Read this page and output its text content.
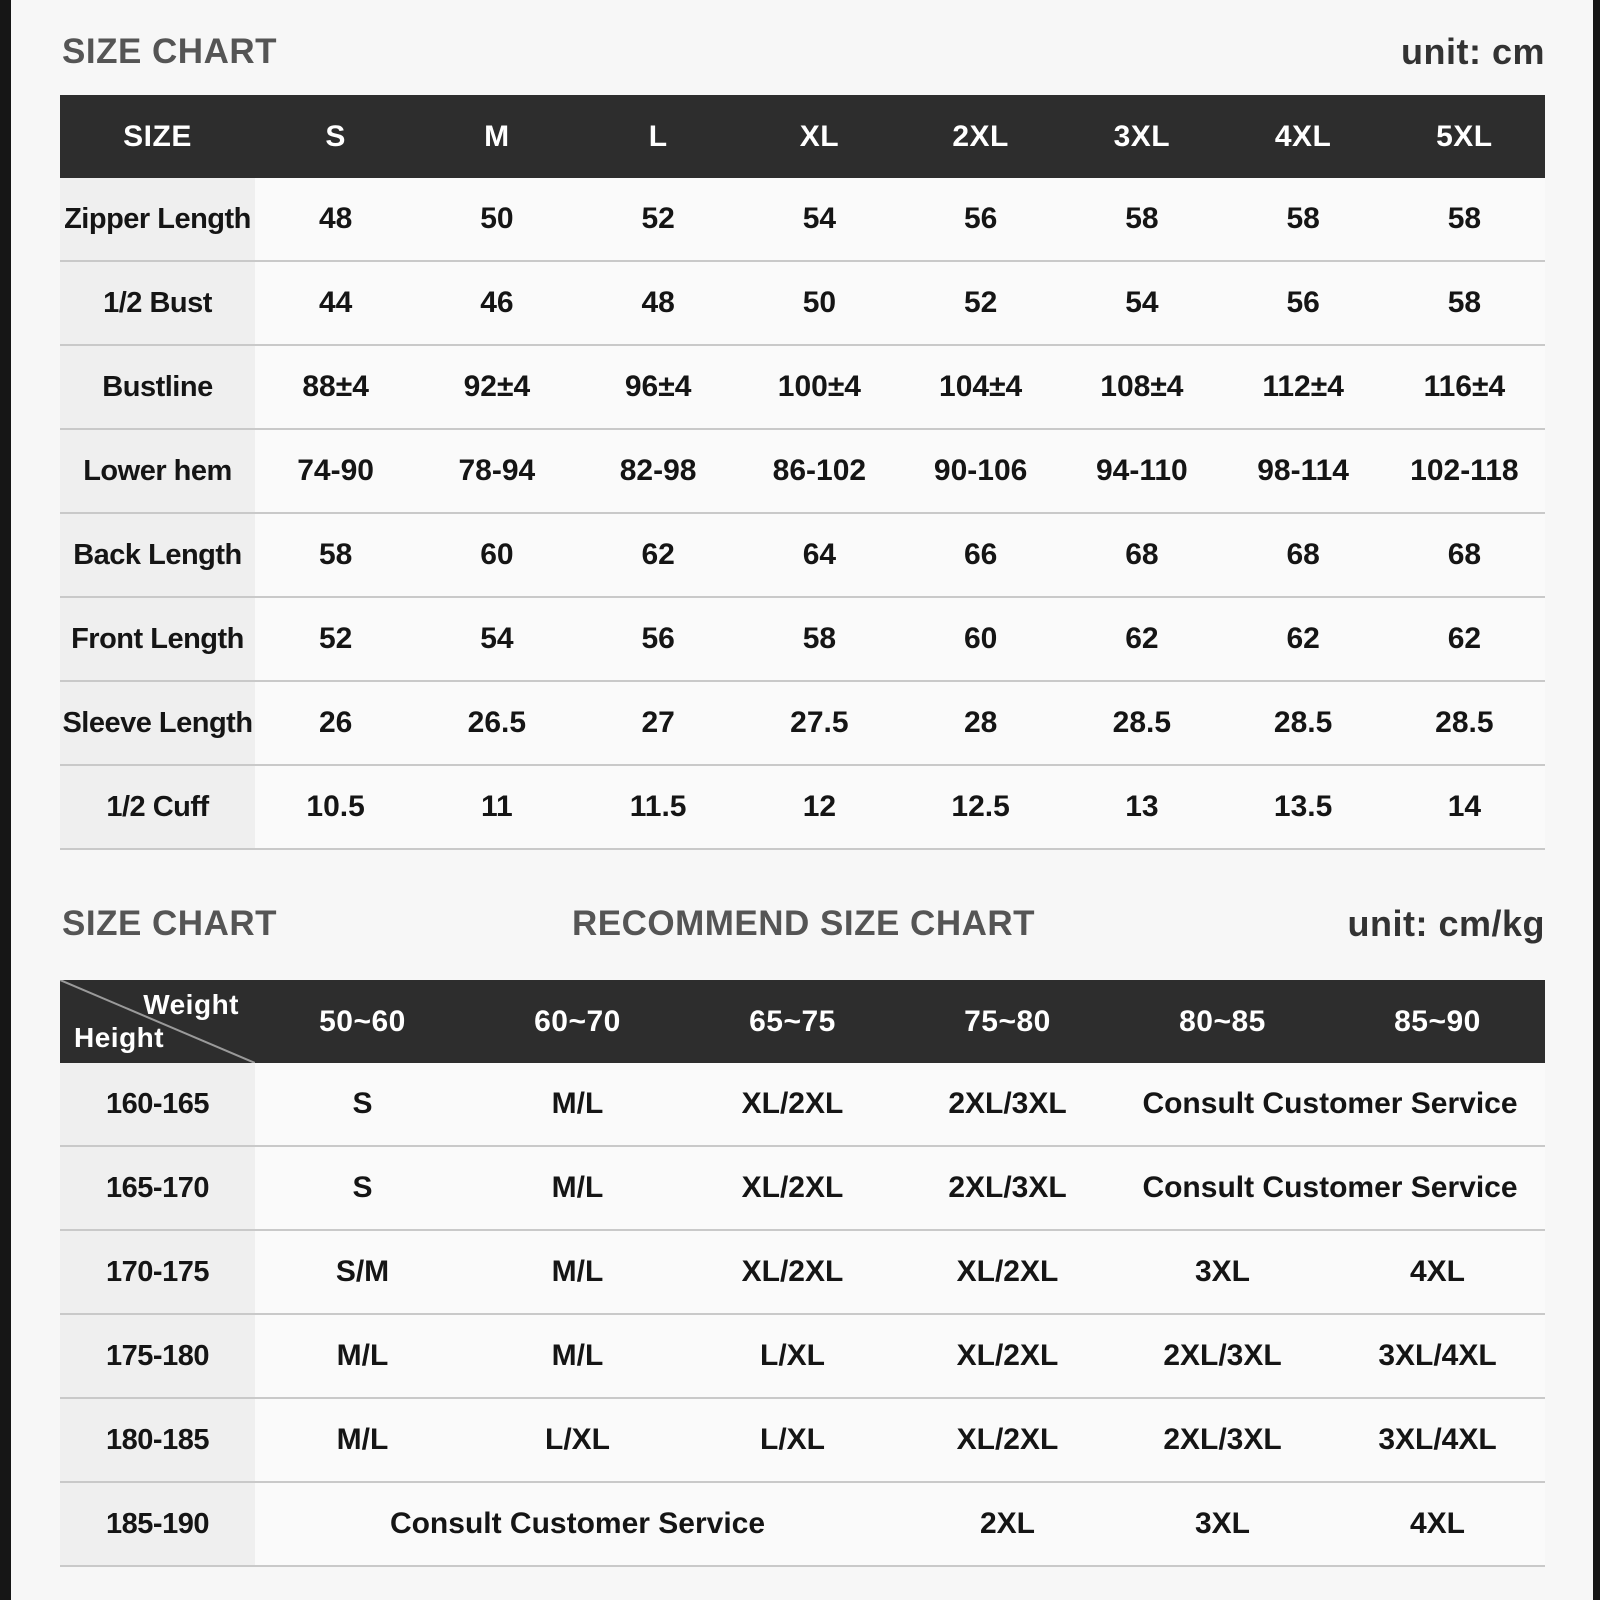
SIZE CHART	unit: cm
SIZE	S	M	L	XL	2XL	3XL	4XL	5XL
Zipper Length	48	50	52	54	56	58	58	58
1/2 Bust	44	46	48	50	52	54	56	58
Bustline	88±4	92±4	96±4	100±4	104±4	108±4	112±4	116±4
Lower hem	74-90	78-94	82-98	86-102	90-106	94-110	98-114	102-118
Back Length	58	60	62	64	66	68	68	68
Front Length	52	54	56	58	60	62	62	62
Sleeve Length	26	26.5	27	27.5	28	28.5	28.5	28.5
1/2 Cuff	10.5	11	11.5	12	12.5	13	13.5	14
SIZE CHART	RECOMMEND SIZE CHART	unit: cm/kg
Weight
Height	50~60	60~70	65~75	75~80	80~85	85~90
160-165	S	M/L	XL/2XL	2XL/3XL	Consult Customer Service	
165-170	S	M/L	XL/2XL	2XL/3XL	Consult Customer Service	
170-175	S/M	M/L	XL/2XL	XL/2XL	3XL	4XL
175-180	M/L	M/L	L/XL	XL/2XL	2XL/3XL	3XL/4XL
180-185	M/L	L/XL	L/XL	XL/2XL	2XL/3XL	3XL/4XL
185-190	Consult Customer Service			2XL	3XL	4XL
